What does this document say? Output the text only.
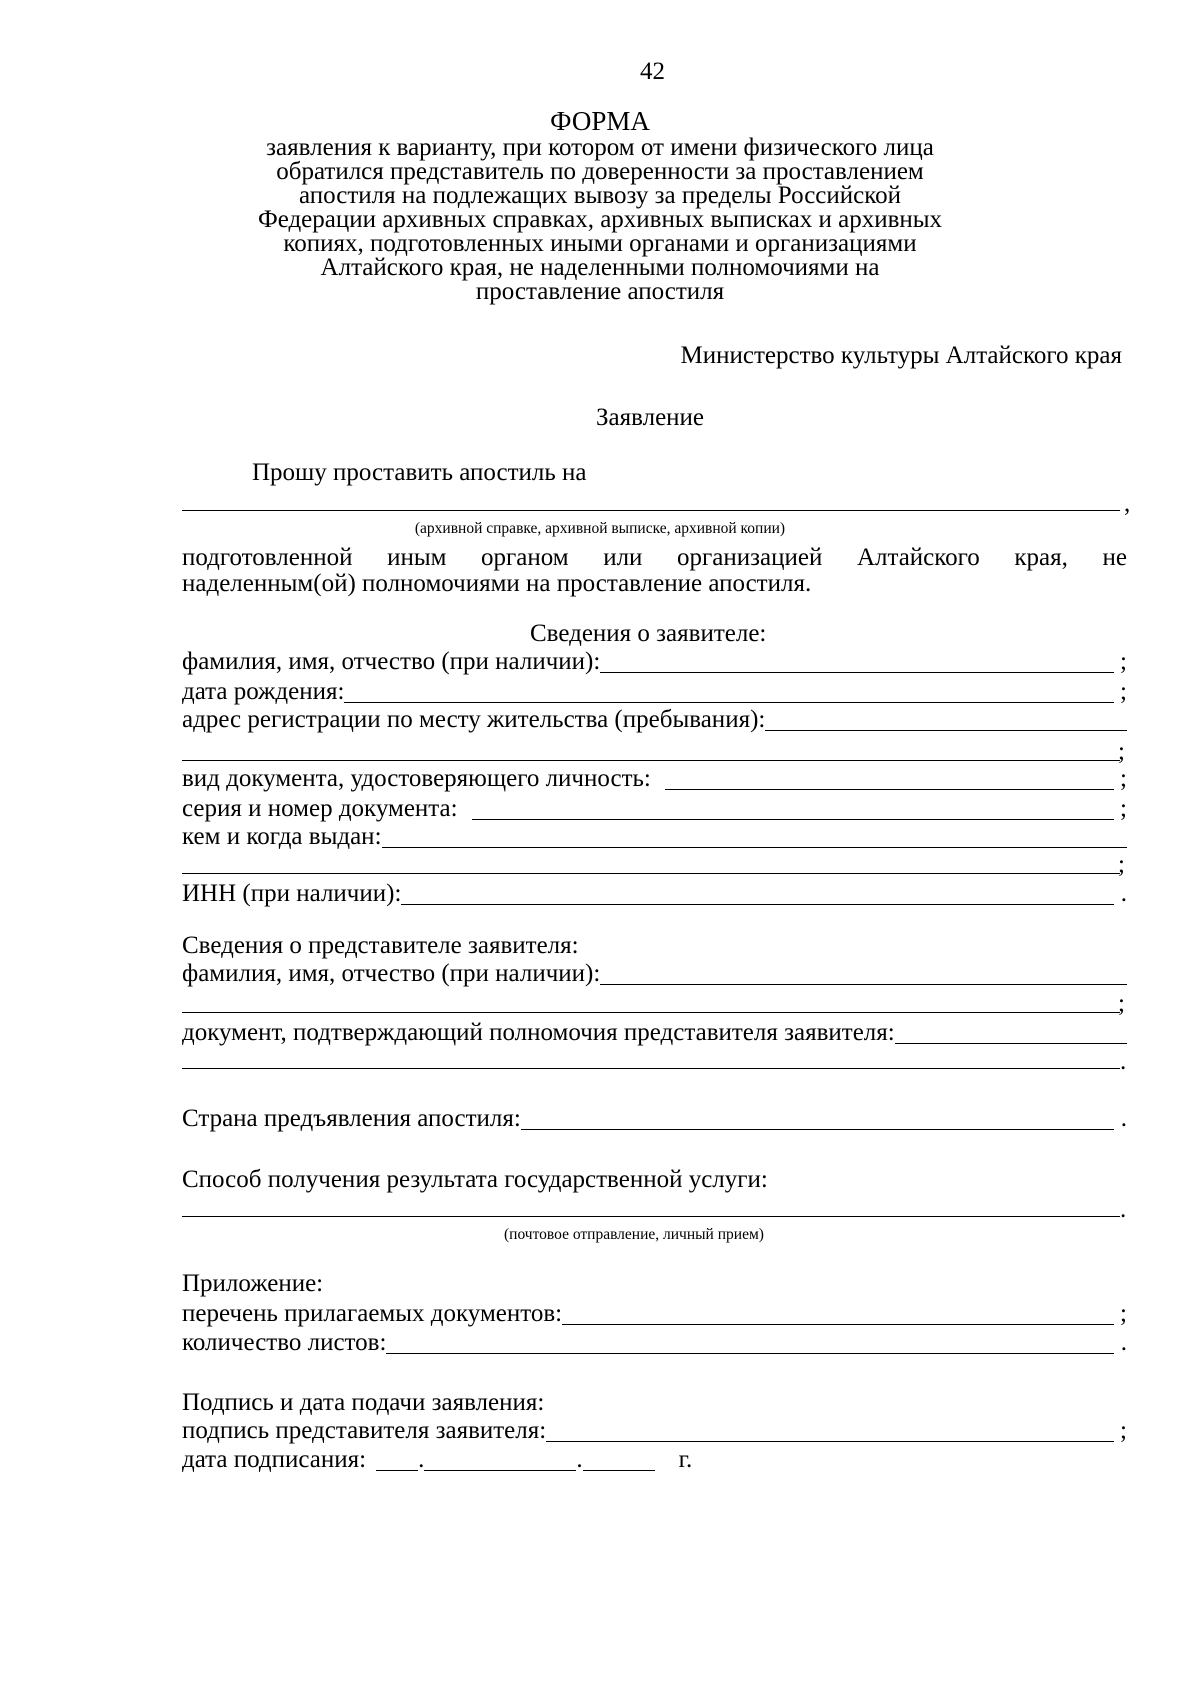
42
ФОРМА
заявления к варианту, при котором от имени физического лица
обратился представитель по доверенности за проставлением
апостиля на подлежащих вывозу за пределы Российской
Федерации архивных справках, архивных выписках и архивных
копиях, подготовленных иными органами и организациями
Алтайского края, не наделенными полномочиями на
проставление апостиля
Министерство культуры Алтайского края
Заявление
Прошу проставить апостиль на
,
(архивной справке, архивной выписке, архивной копии)
подготовленной иным органом или организацией Алтайского края, не
наделенным(ой) полномочиями на проставление апостиля.
Сведения о заявителе:
фамилия, имя, отчество (при наличии):	;
дата рождения:	;
адрес регистрации по месту жительства (пребывания):
;
вид документа, удостоверяющего личность:	;
серия и номер документа:	;
кем и когда выдан:
;
ИНН (при наличии):	.
Сведения о представителе заявителя:
фамилия, имя, отчество (при наличии):
;
документ, подтверждающий полномочия представителя заявителя:
.
Страна предъявления апостиля:	.
Способ получения результата государственной услуги:
.
(почтовое отправление, личный прием)
Приложение:
перечень прилагаемых документов:	;
количество листов:	.
Подпись и дата подачи заявления:
подпись представителя заявителя:	;
дата подписания: .	.	г.
